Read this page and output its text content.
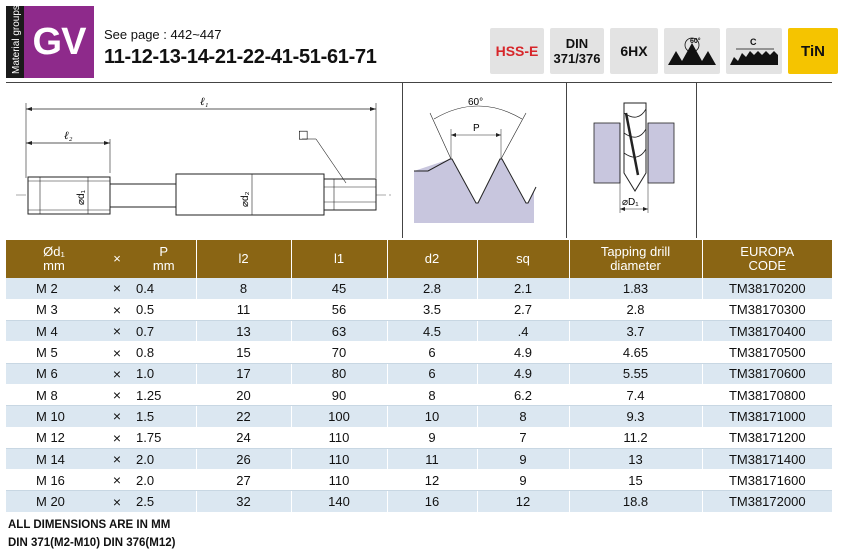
Material groups GV	See page : 442~447
11-12-13-14-21-22-41-51-61-71	HSS-E DIN
371/376 6HX
60°	C
TiN
ℓ₁
ℓ₂
⌀d₁	⌀d₂
□
60°
P
⌀D₁
Ød₁
mm	×	P
mm	l2	l1	d2	sq	Tapping drill
diameter	EUROPA
CODE
M 2	×	0.4	8	45	2.8	2.1	1.83	TM38170200
M 3	×	0.5	11	56	3.5	2.7	2.8	TM38170300
M 4	×	0.7	13	63	4.5	.4	3.7	TM38170400
M 5	×	0.8	15	70	6	4.9	4.65	TM38170500
M 6	×	1.0	17	80	6	4.9	5.55	TM38170600
M 8	×	1.25	20	90	8	6.2	7.4	TM38170800
M 10	×	1.5	22	100	10	8	9.3	TM38171000
M 12	×	1.75	24	110	9	7	11.2	TM38171200
M 14	×	2.0	26	110	11	9	13	TM38171400
M 16	×	2.0	27	110	12	9	15	TM38171600
M 20	×	2.5	32	140	16	12	18.8	TM38172000
ALL DIMENSIONS ARE IN MM
DIN 371(M2-M10) DIN 376(M12)
